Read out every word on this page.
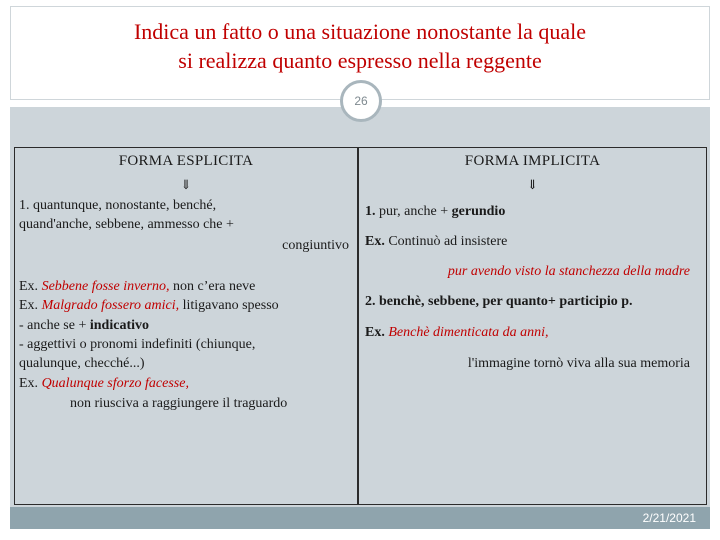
Indica un fatto o una situazione nonostante la quale
si realizza quanto espresso nella reggente
26
FORMA ESPLICITA
⇓
1. quantunque, nonostante, benché,
quand'anche, sebbene, ammesso che +
congiuntivo
Ex. Sebbene fosse inverno, non c’era neve
Ex. Malgrado fossero amici, litigavano spesso
- anche se + indicativo
- aggettivi o pronomi indefiniti (chiunque,
qualunque, checché...)
Ex. Qualunque sforzo facesse,
non riusciva a raggiungere il traguardo
FORMA IMPLICITA
⇓
1. pur, anche + gerundio
Ex. Continuò ad insistere
pur avendo visto la stanchezza della madre
2. benchè, sebbene, per quanto+ participio p.
Ex. Benchè dimenticata da anni,
l'immagine tornò viva alla sua memoria
2/21/2021
